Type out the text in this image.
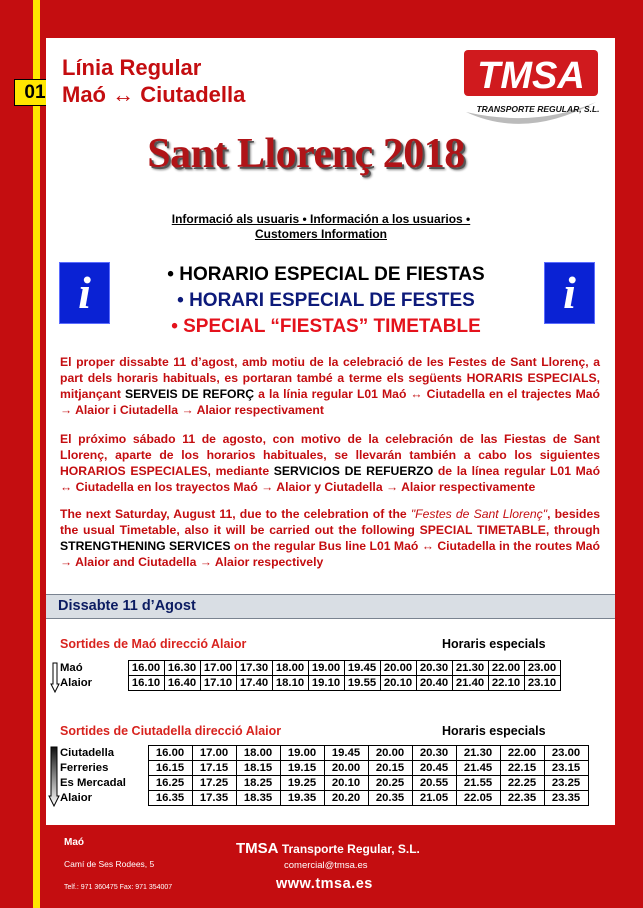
01
Línia Regular
Maó ↔ Ciutadella	TMSA
TRANSPORTE REGULAR, S.L.
Sant Llorenç 2018
Informació als usuaris • Información a los usuarios • Customers Information
i	i
• HORARIO ESPECIAL DE FIESTAS
• HORARI ESPECIAL DE FESTES
• SPECIAL “FIESTAS” TIMETABLE

El proper dissabte 11 d’agost, amb motiu de la celebració de les Festes de Sant Llorenç, a part dels horaris habituals, es portaran també a terme els següents HORARIS ESPECIALS, mitjançant SERVEIS DE REFORÇ a la línia regular L01 Maó ↔ Ciutadella en el trajectes Maó → Alaior i Ciutadella → Alaior respectivament

El próximo sábado 11 de agosto, con motivo de la celebración de las Fiestas de Sant Llorenç, aparte de los horarios habituales, se llevarán también a cabo los siguientes HORARIOS ESPECIALES, mediante SERVICIOS DE REFUERZO de la línea regular L01 Maó ↔ Ciutadella en los trayectos Maó → Alaior y Ciutadella → Alaior respectivamente

The next Saturday, August 11, due to the celebration of the "Festes de Sant Llorenç", besides the usual Timetable, also it will be carried out the following SPECIAL TIMETABLE, through STRENGTHENING SERVICES on the regular Bus line L01 Maó ↔ Ciutadella in the routes Maó → Alaior and Ciutadella → Alaior respectively

Dissabte 11 d’Agost
Sortides de Maó direcció Alaior	Horaris especials
Maó	16.00	16.30	17.00	17.30	18.00	19.00	19.45	20.00	20.30	21.30	22.00	23.00
Alaior	16.10	16.40	17.10	17.40	18.10	19.10	19.55	20.10	20.40	21.40	22.10	23.10
Sortides de Ciutadella direcció Alaior	Horaris especials
Ciutadella	16.00	17.00	18.00	19.00	19.45	20.00	20.30	21.30	22.00	23.00
Ferreries	16.15	17.15	18.15	19.15	20.00	20.15	20.45	21.45	22.15	23.15
Es Mercadal	16.25	17.25	18.25	19.25	20.10	20.25	20.55	21.55	22.25	23.25
Alaior	16.35	17.35	18.35	19.35	20.20	20.35	21.05	22.05	22.35	23.35
Maó
Camí de Ses Rodees, 5
Telf.: 971 360475 Fax: 971 354007
TMSA Transporte Regular, S.L.
comercial@tmsa.es
www.tmsa.es
